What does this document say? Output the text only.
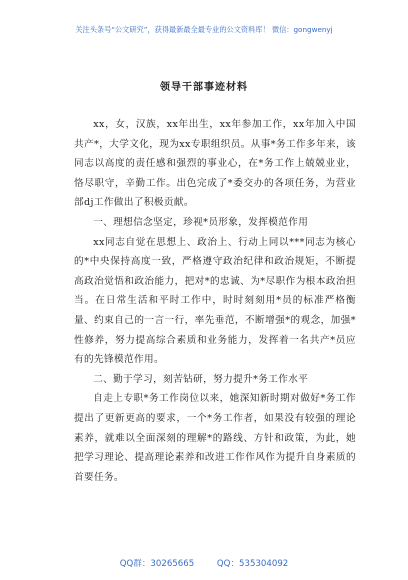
关注头条号“公文研究”，获得最新最全最专业的公文资料库！ 微信：gongwenyj
领导干部事迹材料

xx，女，汉族，xx年出生，xx年参加工作，xx年加入中国共产*，大学文化，现为xx专职组织员。从事*务工作多年来，该同志以高度的责任感和强烈的事业心，在*务工作上兢兢业业，恪尽职守，辛勤工作。出色完成了*委交办的各项任务，为营业部dj工作做出了积极贡献。

一、理想信念坚定，珍视*员形象，发挥模范作用

xx同志自觉在思想上、政治上、行动上同以***同志为核心的*中央保持高度一致，严格遵守政治纪律和政治规矩，不断提高政治觉悟和政治能力，把对*的忠诚、为*尽职作为根本政治担当。在日常生活和平时工作中，时时刻刻用*员的标准严格衡量、约束自己的一言一行，率先垂范，不断增强*的观念，加强*性修养，努力提高综合素质和业务能力，发挥着一名共产*员应有的先锋模范作用。

二、勤于学习，刻苦钻研，努力提升*务工作水平

自走上专职*务工作岗位以来，她深知新时期对做好*务工作提出了更新更高的要求，一个*务工作者，如果没有较强的理论素养，就难以全面深刻的理解*的路线、方针和政策，为此，她把学习理论、提高理论素养和改进工作作风作为提升自身素质的首要任务。

QQ群：30265665	QQ：535304092
